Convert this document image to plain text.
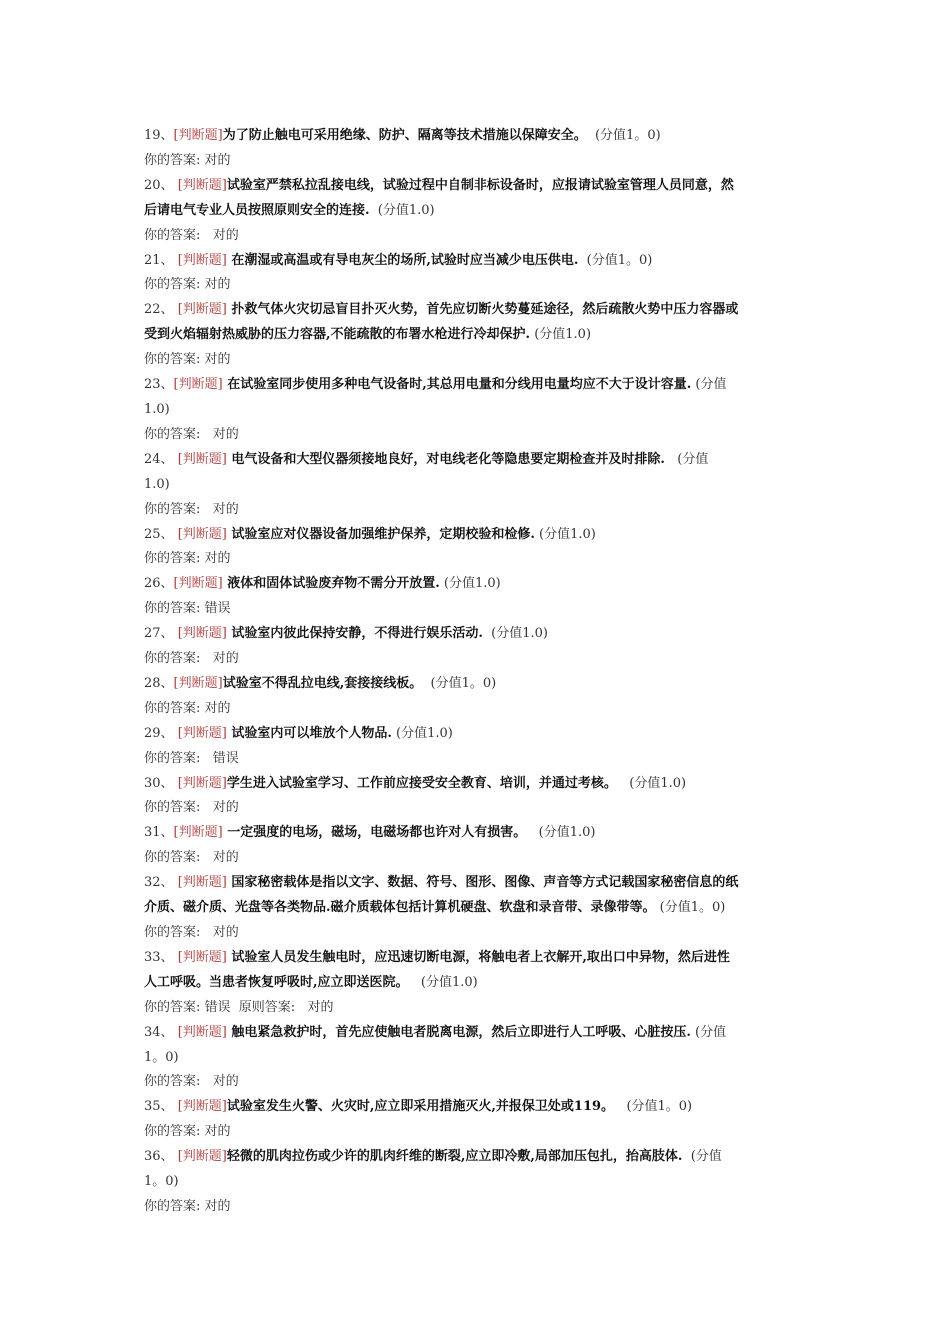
19、[判断题]为了防止触电可采用绝缘、防护、隔离等技术措施以保障安全。  (分值1。0)
你的答案: 对的
20、 [判断题]试验室严禁私拉乱接电线，试验过程中自制非标设备时，应报请试验室管理人员同意，然
后请电气专业人员按照原则安全的连接.  (分值1.0)
你的答案:   对的
21、 [判断题] 在潮湿或高温或有导电灰尘的场所,试验时应当减少电压供电.  (分值1。0)
你的答案: 对的
22、 [判断题] 扑救气体火灾切忌盲目扑灭火势，首先应切断火势蔓延途径，然后疏散火势中压力容器或
受到火焰辐射热威胁的压力容器,不能疏散的布署水枪进行冷却保护. (分值1.0)
你的答案: 对的
23、[判断题] 在试验室同步使用多种电气设备时,其总用电量和分线用电量均应不大于设计容量. (分值
1.0)
你的答案:   对的
24、 [判断题] 电气设备和大型仪器须接地良好，对电线老化等隐患要定期检查并及时排除.   (分值
1.0)
你的答案:   对的
25、 [判断题] 试验室应对仪器设备加强维护保养，定期校验和检修. (分值1.0)
你的答案: 对的
26、[判断题] 液体和固体试验废弃物不需分开放置. (分值1.0)
你的答案: 错误
27、 [判断题] 试验室内彼此保持安静，不得进行娱乐活动.  (分值1.0)
你的答案:   对的
28、[判断题]试验室不得乱拉电线,套接接线板。  (分值1。0)
你的答案: 对的
29、 [判断题] 试验室内可以堆放个人物品. (分值1.0)
你的答案:   错误
30、 [判断题]学生进入试验室学习、工作前应接受安全教育、培训，并通过考核。   (分值1.0)
你的答案:   对的
31、[判断题] 一定强度的电场，磁场，电磁场都也许对人有损害。   (分值1.0)
你的答案:   对的
32、 [判断题] 国家秘密载体是指以文字、数据、符号、图形、图像、声音等方式记载国家秘密信息的纸
介质、磁介质、光盘等各类物品.磁介质载体包括计算机硬盘、软盘和录音带、录像带等。 (分值1。0)
你的答案:   对的
33、 [判断题] 试验室人员发生触电时，应迅速切断电源，将触电者上衣解开,取出口中异物，然后进性
人工呼吸。当患者恢复呼吸时,应立即送医院。   (分值1.0)
你的答案: 错误  原则答案:   对的
34、 [判断题] 触电紧急救护时，首先应使触电者脱离电源，然后立即进行人工呼吸、心脏按压. (分值
1。0)
你的答案:   对的
35、 [判断题]试验室发生火警、火灾时,应立即采用措施灭火,并报保卫处或119。   (分值1。0)
你的答案: 对的
36、 [判断题]轻微的肌肉拉伤或少许的肌肉纤维的断裂,应立即冷敷,局部加压包扎，抬高肢体.  (分值
1。0)
你的答案: 对的
